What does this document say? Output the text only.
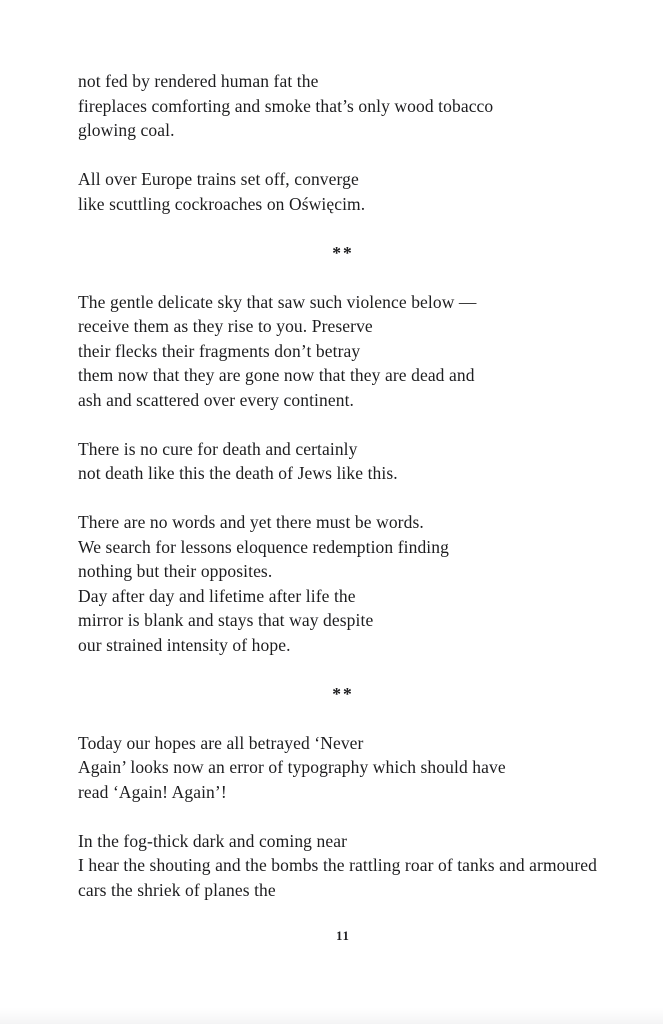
not fed by rendered human fat the
fireplaces comforting and smoke that’s only wood tobacco
glowing coal.
All over Europe trains set off, converge
like scuttling cockroaches on Oświęcim.
**
The gentle delicate sky that saw such violence below —
receive them as they rise to you. Preserve
their flecks their fragments don’t betray
them now that they are gone now that they are dead and
ash and scattered over every continent.
There is no cure for death and certainly
not death like this the death of Jews like this.
There are no words and yet there must be words.
We search for lessons eloquence redemption finding
nothing but their opposites.
Day after day and lifetime after life the
mirror is blank and stays that way despite
our strained intensity of hope.
**
Today our hopes are all betrayed ‘Never
Again’ looks now an error of typography which should have
read ‘Again! Again’!
In the fog-thick dark and coming near
I hear the shouting and the bombs the rattling roar of tanks and armoured
cars the shriek of planes the
11
